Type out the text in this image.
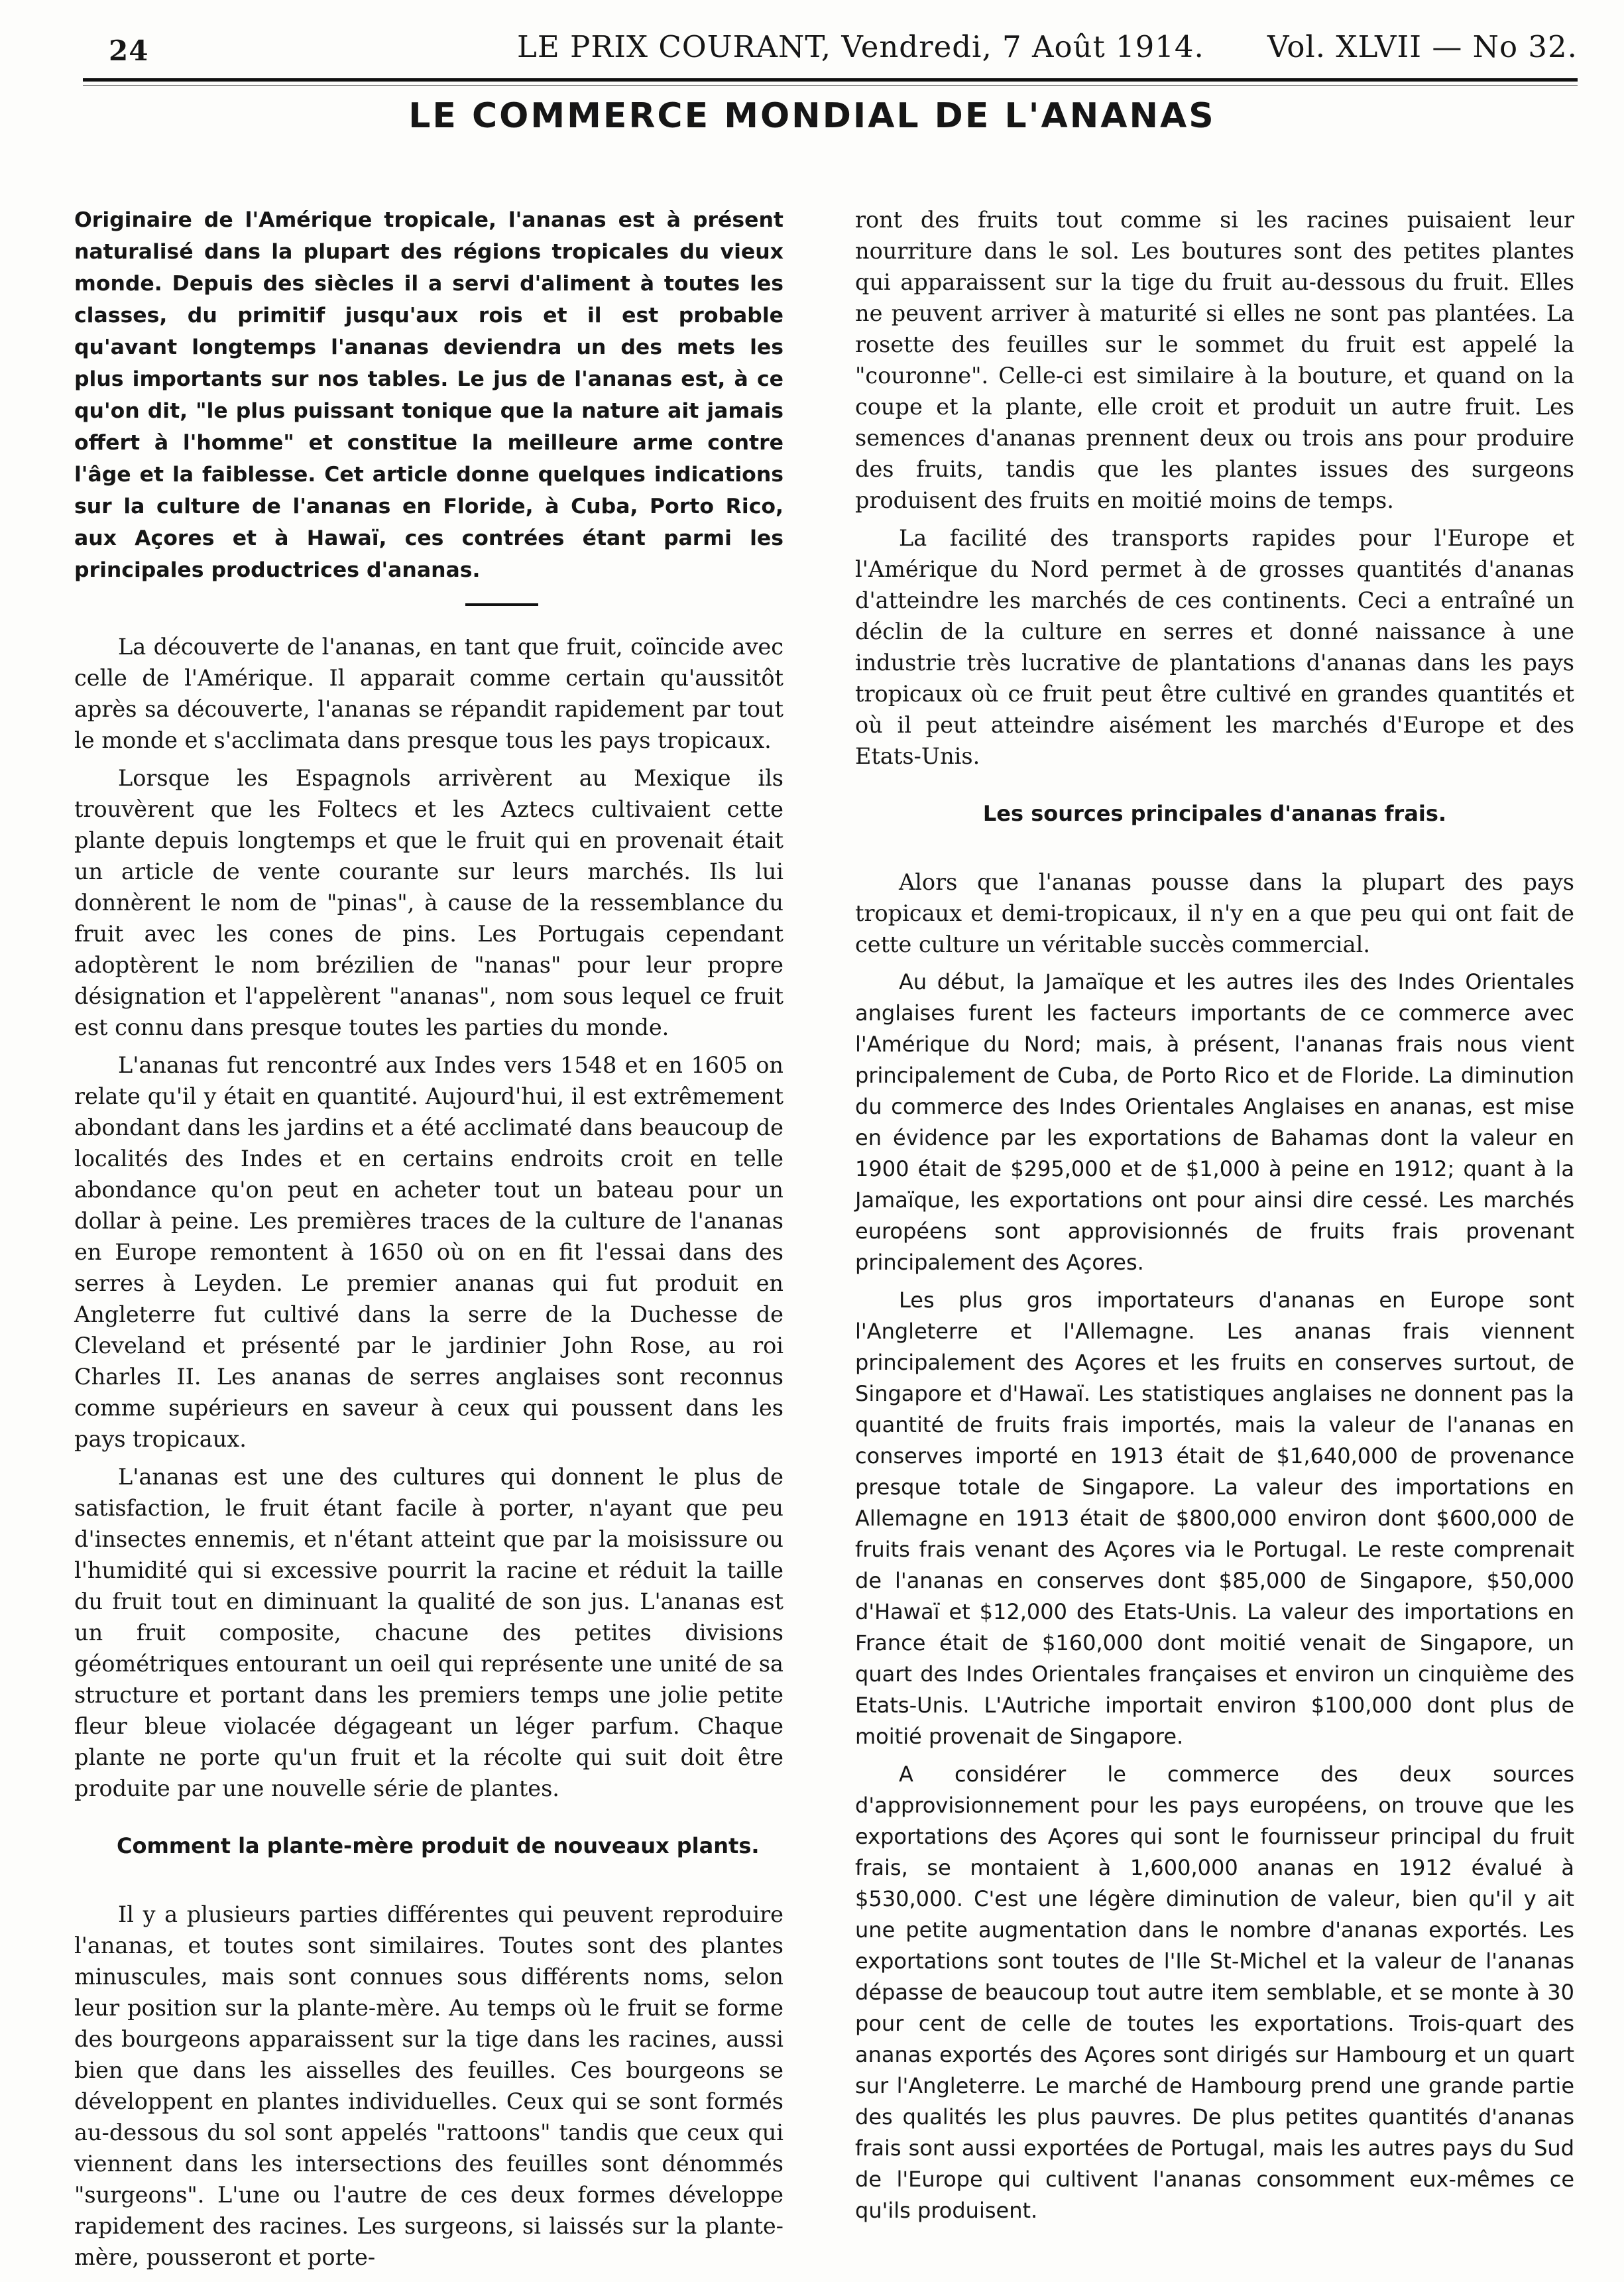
24	LE PRIX COURANT, Vendredi, 7 Août 1914. Vol. XLVII — No 32.
LE COMMERCE MONDIAL DE L'ANANAS

Originaire de l'Amérique tropicale, l'ananas est à présent naturalisé dans la plupart des régions tropicales du vieux monde. Depuis des siècles il a servi d'aliment à toutes les classes, du primitif jusqu'aux rois et il est probable qu'avant longtemps l'ananas deviendra un des mets les plus importants sur nos tables. Le jus de l'ananas est, à ce qu'on dit, "le plus puissant tonique que la nature ait jamais offert à l'homme" et constitue la meilleure arme contre l'âge et la faiblesse. Cet article donne quelques indications sur la culture de l'ananas en Floride, à Cuba, Porto Rico, aux Açores et à Hawaï, ces contrées étant parmi les principales productrices d'ananas.

La découverte de l'ananas, en tant que fruit, coïncide avec celle de l'Amérique. Il apparait comme certain qu'aussitôt après sa découverte, l'ananas se répandit rapidement par tout le monde et s'acclimata dans presque tous les pays tropicaux.

Lorsque les Espagnols arrivèrent au Mexique ils trouvèrent que les Foltecs et les Aztecs cultivaient cette plante depuis longtemps et que le fruit qui en provenait était un article de vente courante sur leurs marchés. Ils lui donnèrent le nom de "pinas", à cause de la ressemblance du fruit avec les cones de pins. Les Portugais cependant adoptèrent le nom brézilien de "nanas" pour leur propre désignation et l'appelèrent "ananas", nom sous lequel ce fruit est connu dans presque toutes les parties du monde.

L'ananas fut rencontré aux Indes vers 1548 et en 1605 on relate qu'il y était en quantité. Aujourd'hui, il est extrêmement abondant dans les jardins et a été acclimaté dans beaucoup de localités des Indes et en certains endroits croit en telle abondance qu'on peut en acheter tout un bateau pour un dollar à peine. Les premières traces de la culture de l'ananas en Europe remontent à 1650 où on en fit l'essai dans des serres à Leyden. Le premier ananas qui fut produit en Angleterre fut cultivé dans la serre de la Duchesse de Cleveland et présenté par le jardinier John Rose, au roi Charles II. Les ananas de serres anglaises sont reconnus comme supérieurs en saveur à ceux qui poussent dans les pays tropicaux.

L'ananas est une des cultures qui donnent le plus de satisfaction, le fruit étant facile à porter, n'ayant que peu d'insectes ennemis, et n'étant atteint que par la moisissure ou l'humidité qui si excessive pourrit la racine et réduit la taille du fruit tout en diminuant la qualité de son jus. L'ananas est un fruit composite, chacune des petites divisions géométriques entourant un oeil qui représente une unité de sa structure et portant dans les premiers temps une jolie petite fleur bleue violacée dégageant un léger parfum. Chaque plante ne porte qu'un fruit et la récolte qui suit doit être produite par une nouvelle série de plantes.

Comment la plante-mère produit de nouveaux plants.

Il y a plusieurs parties différentes qui peuvent reproduire l'ananas, et toutes sont similaires. Toutes sont des plantes minuscules, mais sont connues sous différents noms, selon leur position sur la plante-mère. Au temps où le fruit se forme des bourgeons apparaissent sur la tige dans les racines, aussi bien que dans les aisselles des feuilles. Ces bourgeons se développent en plantes individuelles. Ceux qui se sont formés au-dessous du sol sont appelés "rattoons" tandis que ceux qui viennent dans les intersections des feuilles sont dénommés "surgeons". L'une ou l'autre de ces deux formes développe rapidement des racines. Les surgeons, si laissés sur la plante-mère, pousseront et porte-

ront des fruits tout comme si les racines puisaient leur nourriture dans le sol. Les boutures sont des petites plantes qui apparaissent sur la tige du fruit au-dessous du fruit. Elles ne peuvent arriver à maturité si elles ne sont pas plantées. La rosette des feuilles sur le sommet du fruit est appelé la "couronne". Celle-ci est similaire à la bouture, et quand on la coupe et la plante, elle croit et produit un autre fruit. Les semences d'ananas prennent deux ou trois ans pour produire des fruits, tandis que les plantes issues des surgeons produisent des fruits en moitié moins de temps.

La facilité des transports rapides pour l'Europe et l'Amérique du Nord permet à de grosses quantités d'ananas d'atteindre les marchés de ces continents. Ceci a entraîné un déclin de la culture en serres et donné naissance à une industrie très lucrative de plantations d'ananas dans les pays tropicaux où ce fruit peut être cultivé en grandes quantités et où il peut atteindre aisément les marchés d'Europe et des Etats-Unis.

Les sources principales d'ananas frais.

Alors que l'ananas pousse dans la plupart des pays tropicaux et demi-tropicaux, il n'y en a que peu qui ont fait de cette culture un véritable succès commercial.

Au début, la Jamaïque et les autres iles des Indes Orientales anglaises furent les facteurs importants de ce commerce avec l'Amérique du Nord; mais, à présent, l'ananas frais nous vient principalement de Cuba, de Porto Rico et de Floride. La diminution du commerce des Indes Orientales Anglaises en ananas, est mise en évidence par les exportations de Bahamas dont la valeur en 1900 était de $295,000 et de $1,000 à peine en 1912; quant à la Jamaïque, les exportations ont pour ainsi dire cessé. Les marchés européens sont approvisionnés de fruits frais provenant principalement des Açores.

Les plus gros importateurs d'ananas en Europe sont l'Angleterre et l'Allemagne. Les ananas frais viennent principalement des Açores et les fruits en conserves surtout, de Singapore et d'Hawaï. Les statistiques anglaises ne donnent pas la quantité de fruits frais importés, mais la valeur de l'ananas en conserves importé en 1913 était de $1,640,000 de provenance presque totale de Singapore. La valeur des importations en Allemagne en 1913 était de $800,000 environ dont $600,000 de fruits frais venant des Açores via le Portugal. Le reste comprenait de l'ananas en conserves dont $85,000 de Singapore, $50,000 d'Hawaï et $12,000 des Etats-Unis. La valeur des importations en France était de $160,000 dont moitié venait de Singapore, un quart des Indes Orientales françaises et environ un cinquième des Etats-Unis. L'Autriche importait environ $100,000 dont plus de moitié provenait de Singapore.

A considérer le commerce des deux sources d'approvisionnement pour les pays européens, on trouve que les exportations des Açores qui sont le fournisseur principal du fruit frais, se montaient à 1,600,000 ananas en 1912 évalué à $530,000. C'est une légère diminution de valeur, bien qu'il y ait une petite augmentation dans le nombre d'ananas exportés. Les exportations sont toutes de l'Ile St-Michel et la valeur de l'ananas dépasse de beaucoup tout autre item semblable, et se monte à 30 pour cent de celle de toutes les exportations. Trois-quart des ananas exportés des Açores sont dirigés sur Hambourg et un quart sur l'Angleterre. Le marché de Hambourg prend une grande partie des qualités les plus pauvres. De plus petites quantités d'ananas frais sont aussi exportées de Portugal, mais les autres pays du Sud de l'Europe qui cultivent l'ananas consomment eux-mêmes ce qu'ils produisent.
